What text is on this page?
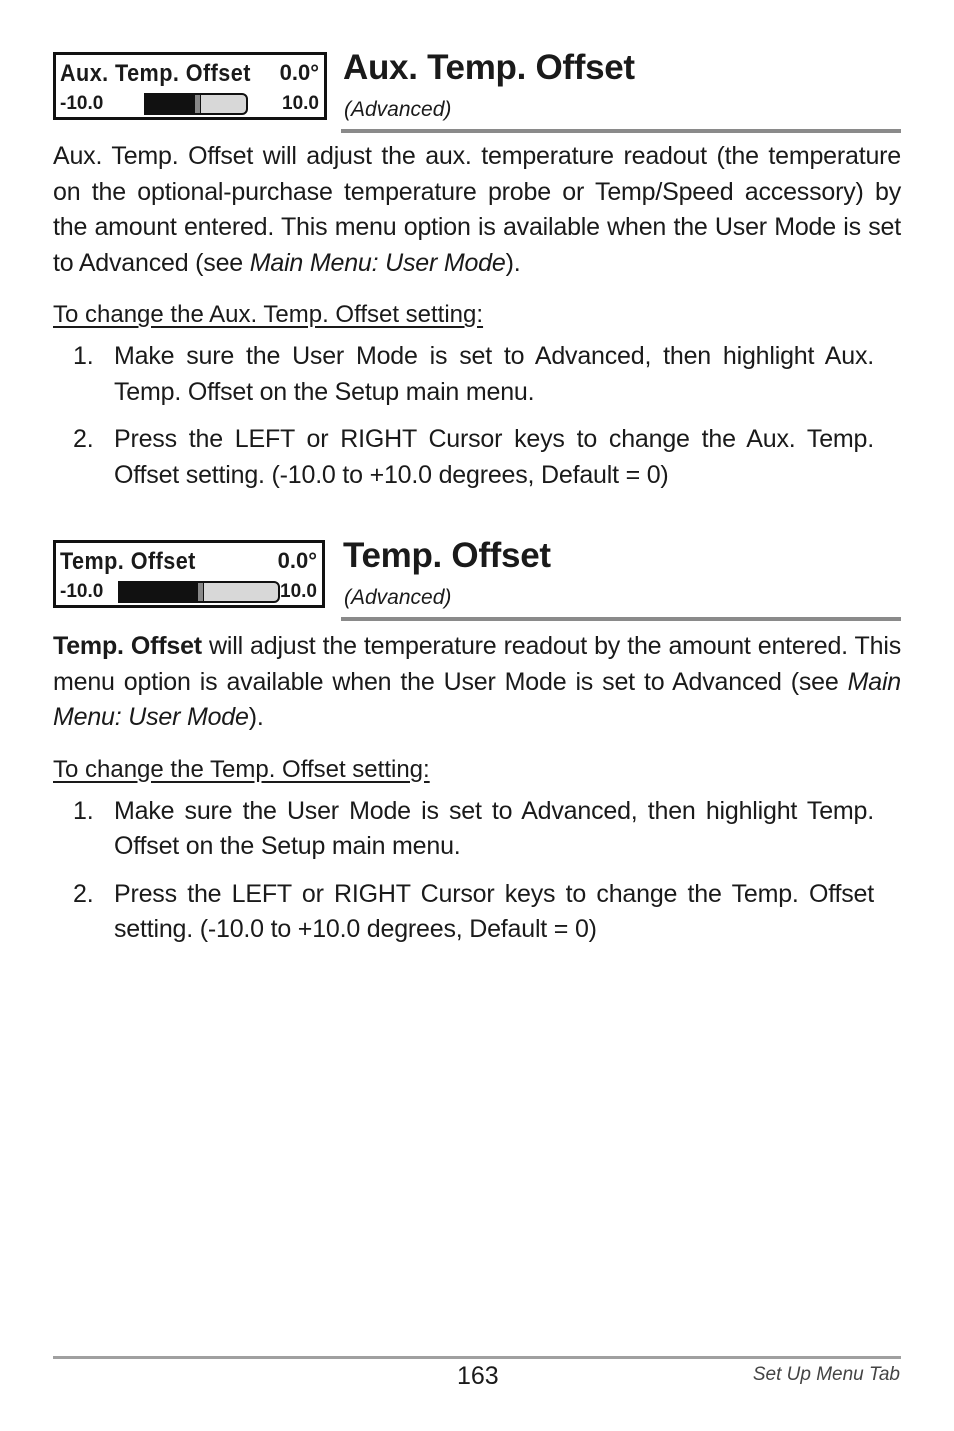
Aux. Temp. Offset 0.0°
-10.0	10.0
Aux. Temp. Offset
(Advanced)

Aux. Temp. Offset will adjust the aux. temperature readout (the temperature on the optional-purchase temperature probe or Temp/Speed accessory) by the amount entered. This menu option is available when the User Mode is set to Advanced (see Main Menu: User Mode).

To change the Aux. Temp. Offset setting:
1. Make sure the User Mode is set to Advanced, then highlight Aux. Temp. Offset on the Setup main menu.
2. Press the LEFT or RIGHT Cursor keys to change the Aux. Temp. Offset setting. (-10.0 to +10.0 degrees, Default = 0)
Temp. Offset	0.0°
-10.0	10.0
Temp. Offset
(Advanced)

Temp. Offset will adjust the temperature readout by the amount entered. This menu option is available when the User Mode is set to Advanced (see Main Menu: User Mode).

To change the Temp. Offset setting:
1. Make sure the User Mode is set to Advanced, then highlight Temp. Offset on the Setup main menu.
2. Press the LEFT or RIGHT Cursor keys to change the Temp. Offset setting. (-10.0 to +10.0 degrees, Default = 0)
163	Set Up Menu Tab
